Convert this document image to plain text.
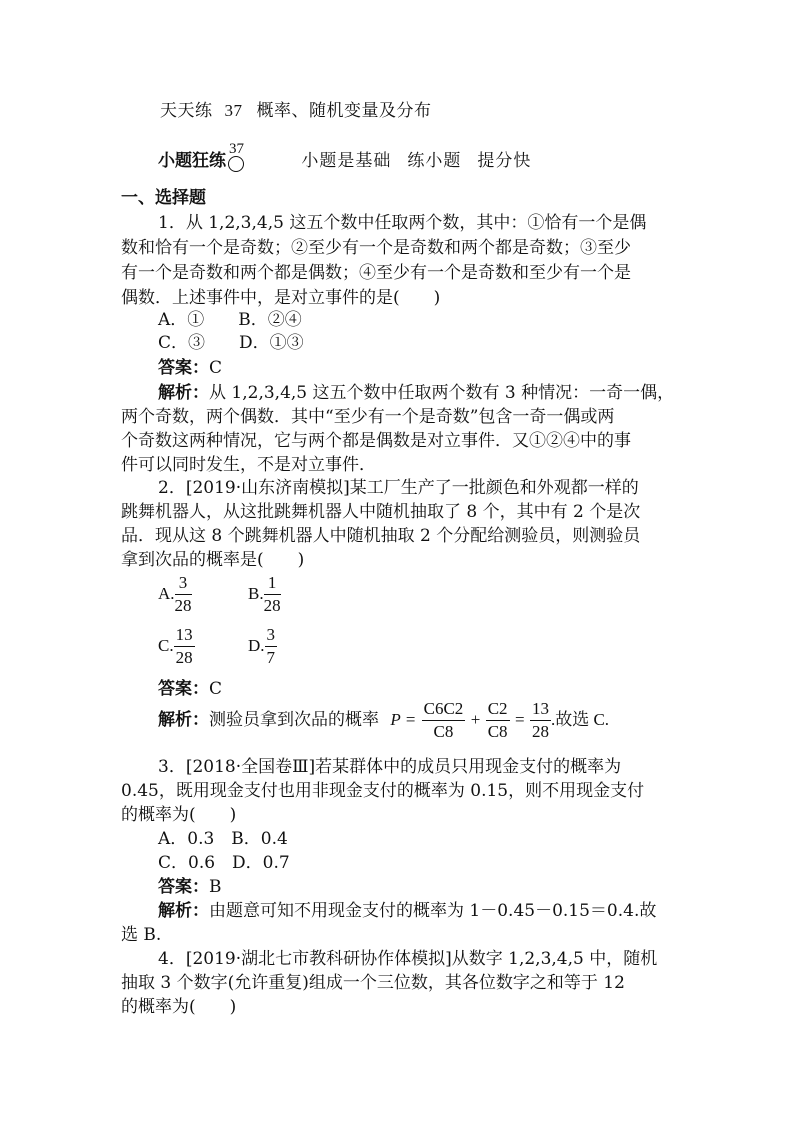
天天练 37 概率、随机变量及分布
小题狂练
37
小题是基础 练小题 提分快
一、选择题
1．从 1,2,3,4,5 这五个数中任取两个数，其中：①恰有一个是偶
数和恰有一个是奇数；②至少有一个是奇数和两个都是奇数；③至少
有一个是奇数和两个都是偶数；④至少有一个是奇数和至少有一个是
偶数．上述事件中，是对立事件的是(　　)
A．①　　B．②④
C．③　　D．①③
答案：C
解析：从 1,2,3,4,5 这五个数中任取两个数有 3 种情况：一奇一偶，
两个奇数，两个偶数．其中“至少有一个是奇数”包含一奇一偶或两
个奇数这两种情况，它与两个都是偶数是对立事件．又①②④中的事
件可以同时发生，不是对立事件．
2．[2019·山东济南模拟]某工厂生产了一批颜色和外观都一样的
跳舞机器人，从这批跳舞机器人中随机抽取了 8 个，其中有 2 个是次
品．现从这 8 个跳舞机器人中随机抽取 2 个分配给测验员，则测验员
拿到次品的概率是(　　)
A. $\frac{3}{28}$	B. $\frac{1}{28}$
C. $\frac{13}{28}$	D. $\frac{3}{7}$
答案：C
解析：测验员拿到次品的概率 $P = \frac{C6C2}{C8} + \frac{C2}{C8} = \frac{13}{28}$ .故选 C.
3．[2018·全国卷Ⅲ]若某群体中的成员只用现金支付的概率为
0.45，既用现金支付也用非现金支付的概率为 0.15，则不用现金支付
的概率为(　　)
A．0.3　B．0.4
C．0.6　D．0.7
答案：B
解析：由题意可知不用现金支付的概率为 1－0.45－0.15＝0.4.故
选 B.
4．[2019·湖北七市教科研协作体模拟]从数字 1,2,3,4,5 中，随机
抽取 3 个数字(允许重复)组成一个三位数，其各位数字之和等于 12
的概率为(　　)
